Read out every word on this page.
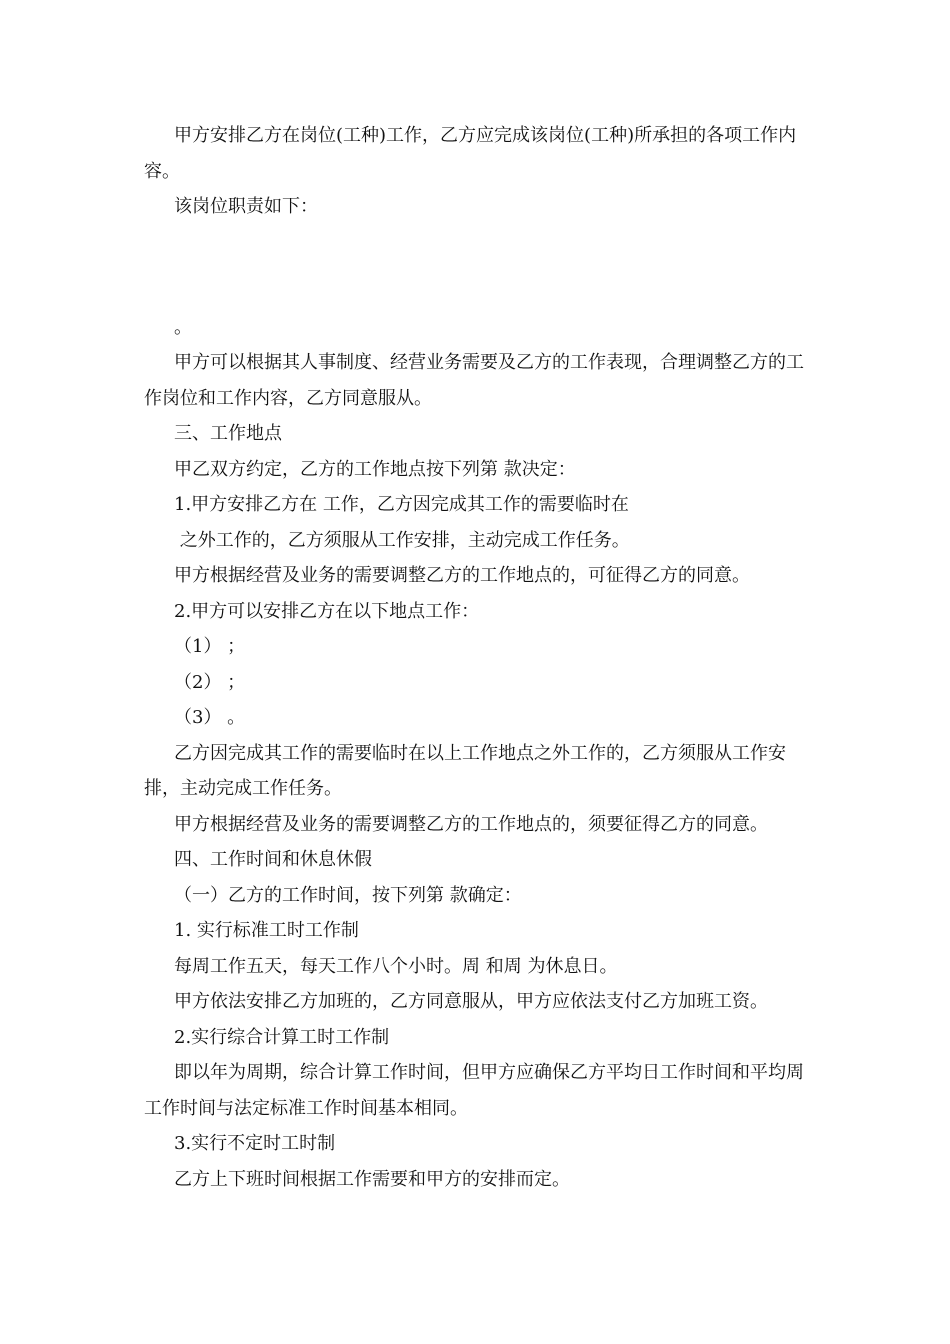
甲方安排乙方在岗位(工种)工作，乙方应完成该岗位(工种)所承担的各项工作内容。

该岗位职责如下：

。

甲方可以根据其人事制度、经营业务需要及乙方的工作表现，合理调整乙方的工作岗位和工作内容，乙方同意服从。

三、工作地点

甲乙双方约定，乙方的工作地点按下列第 款决定：

1.甲方安排乙方在 工作，乙方因完成其工作的需要临时在

之外工作的，乙方须服从工作安排，主动完成工作任务。

甲方根据经营及业务的需要调整乙方的工作地点的，可征得乙方的同意。

2.甲方可以安排乙方在以下地点工作：

（1） ；

（2） ；

（3） 。

乙方因完成其工作的需要临时在以上工作地点之外工作的，乙方须服从工作安排，主动完成工作任务。

甲方根据经营及业务的需要调整乙方的工作地点的，须要征得乙方的同意。

四、工作时间和休息休假

（一）乙方的工作时间，按下列第 款确定：

1. 实行标准工时工作制

每周工作五天，每天工作八个小时。周 和周 为休息日。

甲方依法安排乙方加班的，乙方同意服从，甲方应依法支付乙方加班工资。

2.实行综合计算工时工作制

即以年为周期，综合计算工作时间，但甲方应确保乙方平均日工作时间和平均周工作时间与法定标准工作时间基本相同。

3.实行不定时工时制

乙方上下班时间根据工作需要和甲方的安排而定。
